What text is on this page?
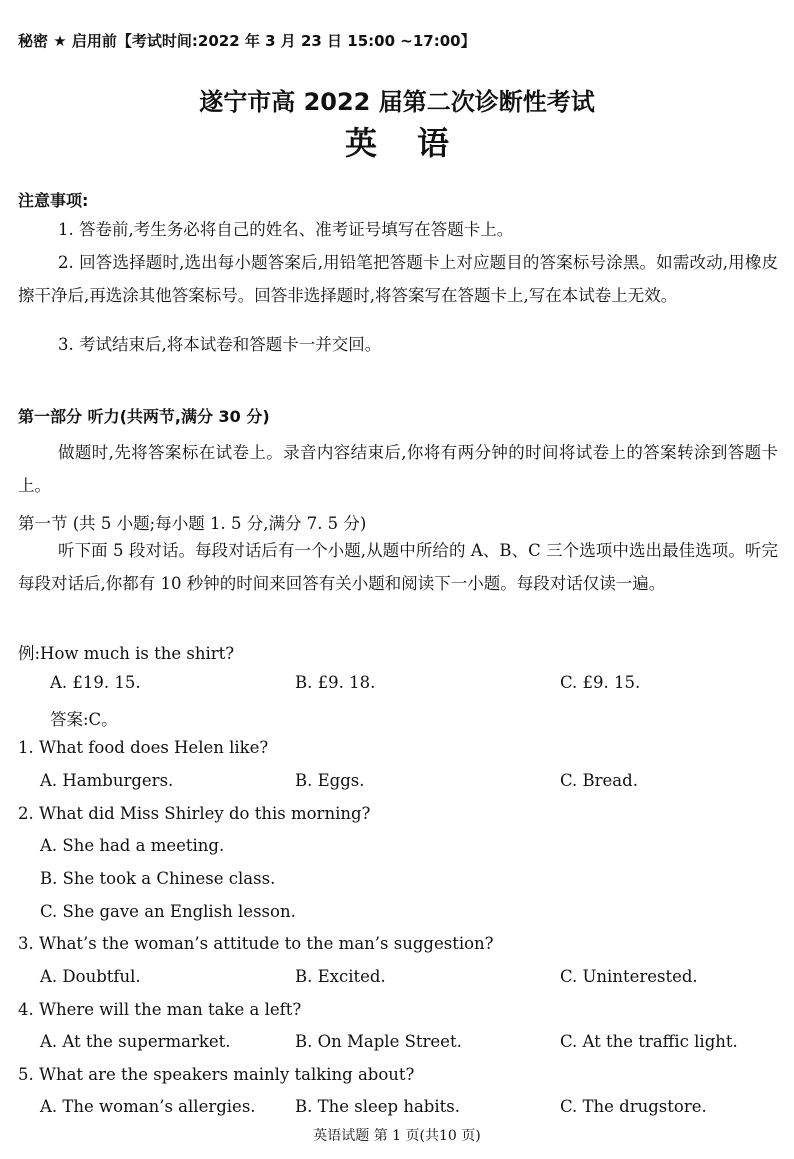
秘密 ★ 启用前【考试时间:2022 年 3 月 23 日 15:00 ~17:00】
遂宁市高 2022 届第二次诊断性考试
英语
注意事项:
1. 答卷前,考生务必将自己的姓名、准考证号填写在答题卡上。
2. 回答选择题时,选出每小题答案后,用铅笔把答题卡上对应题目的答案标号涂黑。如需改动,用橡皮擦干净后,再选涂其他答案标号。回答非选择题时,将答案写在答题卡上,写在本试卷上无效。
3. 考试结束后,将本试卷和答题卡一并交回。
第一部分 听力(共两节,满分 30 分)
做题时,先将答案标在试卷上。录音内容结束后,你将有两分钟的时间将试卷上的答案转涂到答题卡上。
第一节 (共 5 小题;每小题 1. 5 分,满分 7. 5 分)
听下面 5 段对话。每段对话后有一个小题,从题中所给的 A、B、C 三个选项中选出最佳选项。听完每段对话后,你都有 10 秒钟的时间来回答有关小题和阅读下一小题。每段对话仅读一遍。
例:How much is the shirt?
A. £19. 15.	B. £9. 18.	C. £9. 15.
答案:C。
1. What food does Helen like?
A. Hamburgers.	B. Eggs.	C. Bread.
2. What did Miss Shirley do this morning?
A. She had a meeting.
B. She took a Chinese class.
C. She gave an English lesson.
3. What’s the woman’s attitude to the man’s suggestion?
A. Doubtful.	B. Excited.	C. Uninterested.
4. Where will the man take a left?
A. At the supermarket.	B. On Maple Street.	C. At the traffic light.
5. What are the speakers mainly talking about?
A. The woman’s allergies. B. The sleep habits.	C. The drugstore.
英语试题 第 1 页(共10 页)
